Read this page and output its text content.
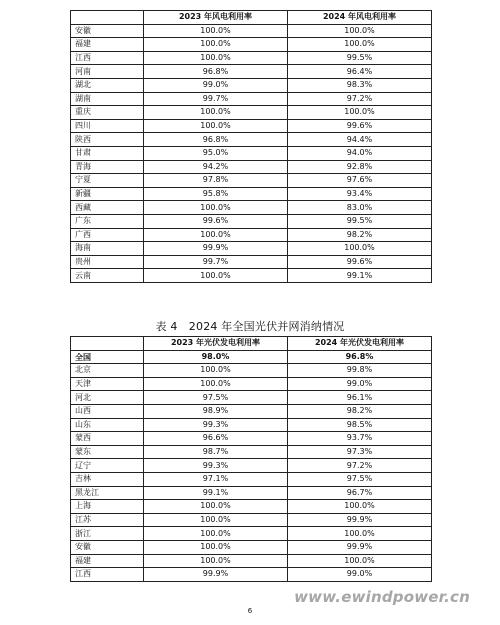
	2023 年风电利用率	2024 年风电利用率
安徽	100.0%	100.0%
福建	100.0%	100.0%
江西	100.0%	99.5%
河南	96.8%	96.4%
湖北	99.0%	98.3%
湖南	99.7%	97.2%
重庆	100.0%	100.0%
四川	100.0%	99.6%
陕西	96.8%	94.4%
甘肃	95.0%	94.0%
青海	94.2%	92.8%
宁夏	97.8%	97.6%
新疆	95.8%	93.4%
西藏	100.0%	83.0%
广东	99.6%	99.5%
广西	100.0%	98.2%
海南	99.9%	100.0%
贵州	99.7%	99.6%
云南	100.0%	99.1%
表 4　2024 年全国光伏并网消纳情况
	2023 年光伏发电利用率	2024 年光伏发电利用率
全国	98.0%	96.8%
北京	100.0%	99.8%
天津	100.0%	99.0%
河北	97.5%	96.1%
山西	98.9%	98.2%
山东	99.3%	98.5%
蒙西	96.6%	93.7%
蒙东	98.7%	97.3%
辽宁	99.3%	97.2%
吉林	97.1%	97.5%
黑龙江	99.1%	96.7%
上海	100.0%	100.0%
江苏	100.0%	99.9%
浙江	100.0%	100.0%
安徽	100.0%	99.9%
福建	100.0%	100.0%
江西	99.9%	99.0%
6
www.ewindpower.cn
